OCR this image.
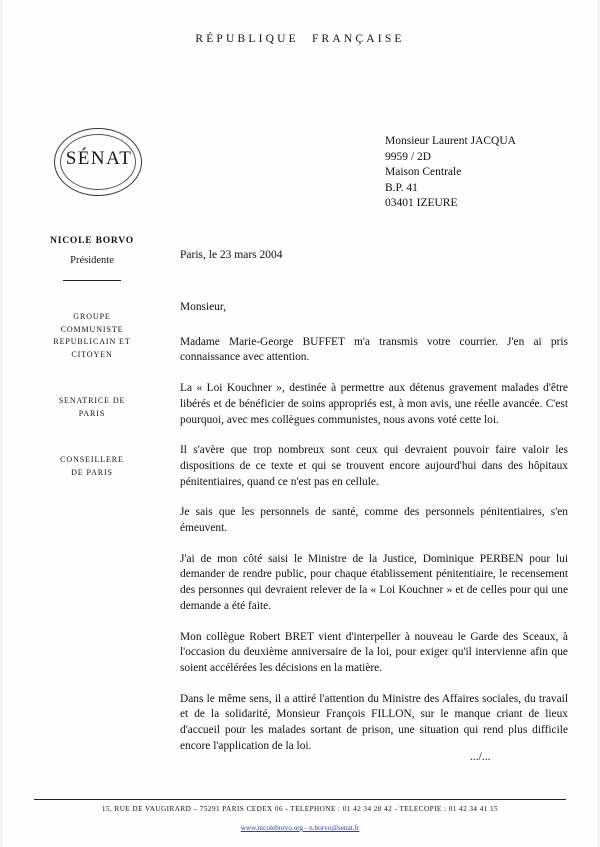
RÉPUBLIQUE FRANÇAISE
SÉNAT
Monsieur Laurent JACQUA
9959 / 2D
Maison Centrale
B.P. 41
03401 IZEURE
NICOLE BORVO
Présidente
GROUPE
COMMUNISTE
REPUBLICAIN ET
CITOYEN
SENATRICE DE
PARIS
CONSEILLERE
DE PARIS
Paris, le 23 mars 2004

Monsieur,

Madame Marie-George BUFFET m'a transmis votre courrier. J'en ai pris connaissance avec attention.

La « Loi Kouchner », destinée à permettre aux détenus gravement malades d'être libérés et de bénéficier de soins appropriés est, à mon avis, une réelle avancée. C'est pourquoi, avec mes collègues communistes, nous avons voté cette loi.

Il s'avère que trop nombreux sont ceux qui devraient pouvoir faire valoir les dispositions de ce texte et qui se trouvent encore aujourd'hui dans des hôpitaux pénitentiaires, quand ce n'est pas en cellule.

Je sais que les personnels de santé, comme des personnels pénitentiaires, s'en émeuvent.

J'ai de mon côté saisi le Ministre de la Justice, Dominique PERBEN pour lui demander de rendre public, pour chaque établissement pénitentiaire, le recensement des personnes qui devraient relever de la « Loi Kouchner » et de celles pour qui une demande a été faite.

Mon collègue Robert BRET vient d'interpeller à nouveau le Garde des Sceaux, à l'occasion du deuxième anniversaire de la loi, pour exiger qu'il intervienne afin que soient accélérées les décisions en la matière.

Dans le même sens, il a attiré l'attention du Ministre des Affaires sociales, du travail et de la solidarité, Monsieur François FILLON, sur le manque criant de lieux d'accueil pour les malades sortant de prison, une situation qui rend plus difficile encore l'application de la loi.

.../...
15, RUE DE VAUGIRARD – 75291 PARIS CEDEX 06 - TELEPHONE : 01 42 34 28 42 - TELECOPIE : 01 42 34 41 15
www.nicoleborvo.org - n.borvo@senat.fr
